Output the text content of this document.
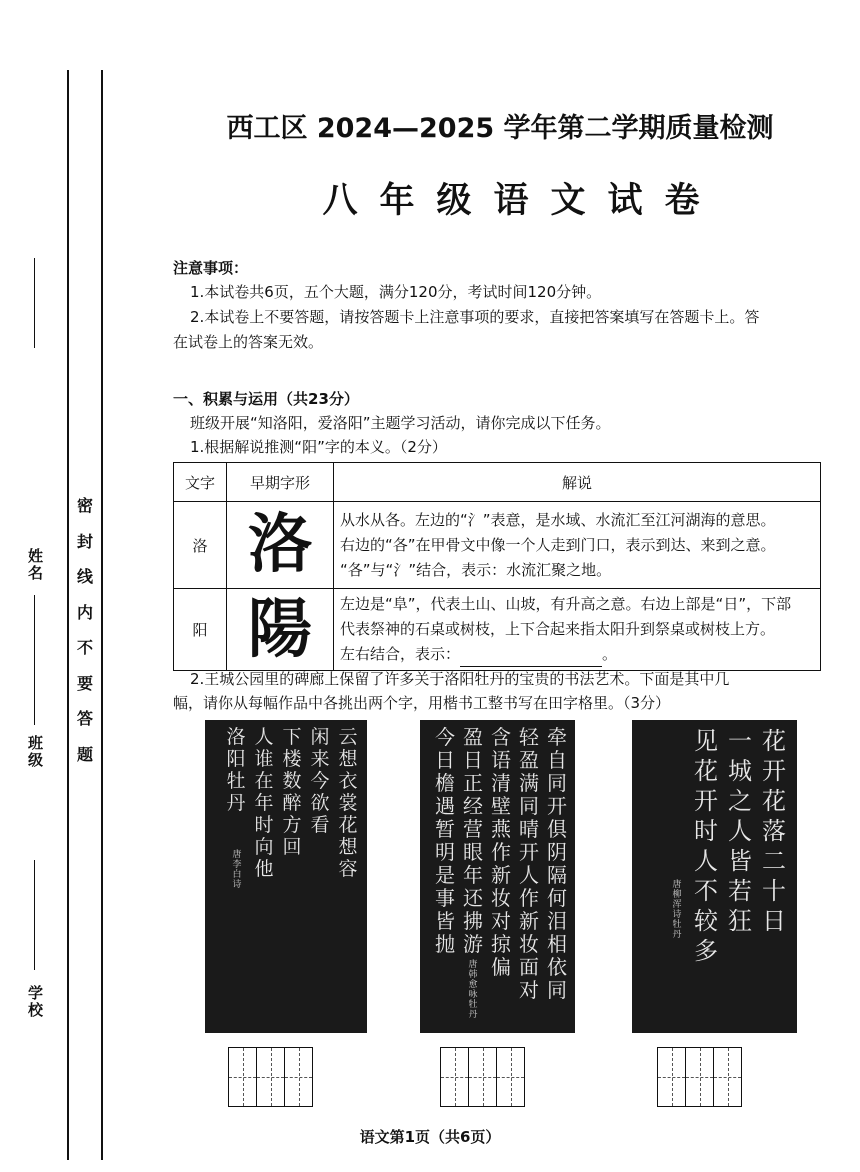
密
封
线
内
不
要
答
题
姓
名
班
级
学
校
西工区 2024—2025 学年第二学期质量检测
八年级语文试卷
注意事项：
1.本试卷共6页，五个大题，满分120分，考试时间120分钟。
2.本试卷上不要答题，请按答题卡上注意事项的要求，直接把答案填写在答题卡上。答
在试卷上的答案无效。
一、积累与运用（共23分）
班级开展“知洛阳，爱洛阳”主题学习活动，请你完成以下任务。
1.根据解说推测“阳”字的本义。（2分）
文字	早期字形	解说
洛	洛	从水从各。左边的“氵”表意，是水域、水流汇至江河湖海的意思。
右边的“各”在甲骨文中像一个人走到门口，表示到达、来到之意。
“各”与“氵”结合，表示：水流汇聚之地。

阳	陽	左边是“阜”，代表土山、山坡，有升高之意。右边上部是“日”，下部
代表祭神的石桌或树枝，上下合起来指太阳升到祭桌或树枝上方。
左右结合，表示： 。
2.王城公园里的碑廊上保留了许多关于洛阳牡丹的宝贵的书法艺术。下面是其中几
幅，请你从每幅作品中各挑出两个字，用楷书工整书写在田字格里。（3分）
云想衣裳花想容
闲来今欲看
下楼数醉方回
人谁在年时向他
洛阳牡丹
唐李白诗
牵自同开俱阴隔何泪相依同
轻盈满同晴开人作新妆面对
含语清壁燕作新妆对掠偏
盈日正经营眼年还拂游
今日檐遇暂明是事皆抛
唐韩愈咏牡丹
花开花落二十日
一城之人皆若狂
见花开时人不较多
唐柳浑诗牡丹
语文第1页（共6页）
